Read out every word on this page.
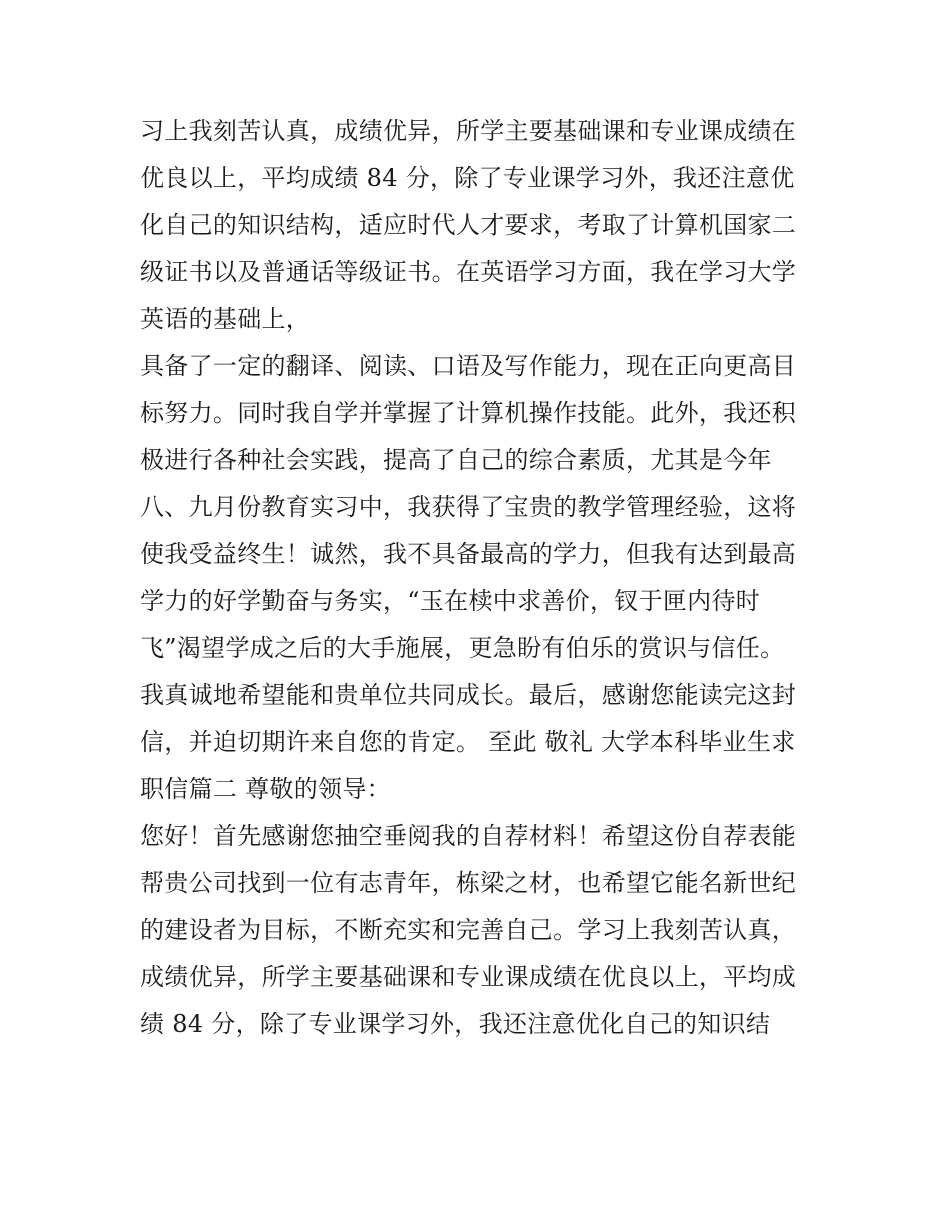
习上我刻苦认真，成绩优异，所学主要基础课和专业课成绩在
优良以上，平均成绩 84 分，除了专业课学习外，我还注意优
化自己的知识结构，适应时代人才要求，考取了计算机国家二
级证书以及普通话等级证书。在英语学习方面，我在学习大学
英语的基础上，
具备了一定的翻译、阅读、口语及写作能力，现在正向更高目
标努力。同时我自学并掌握了计算机操作技能。此外，我还积
极进行各种社会实践，提高了自己的综合素质，尤其是今年
八、九月份教育实习中，我获得了宝贵的教学管理经验，这将
使我受益终生！诚然，我不具备最高的学力，但我有达到最高
学力的好学勤奋与务实，“玉在椟中求善价，钗于匣内待时
飞”渴望学成之后的大手施展，更急盼有伯乐的赏识与信任。
我真诚地希望能和贵单位共同成长。最后，感谢您能读完这封
信，并迫切期许来自您的肯定。 至此 敬礼 大学本科毕业生求
职信篇二 尊敬的领导：
您好！首先感谢您抽空垂阅我的自荐材料！希望这份自荐表能
帮贵公司找到一位有志青年，栋梁之材，也希望它能名新世纪
的建设者为目标，不断充实和完善自己。学习上我刻苦认真，
成绩优异，所学主要基础课和专业课成绩在优良以上，平均成
绩 84 分，除了专业课学习外，我还注意优化自己的知识结
